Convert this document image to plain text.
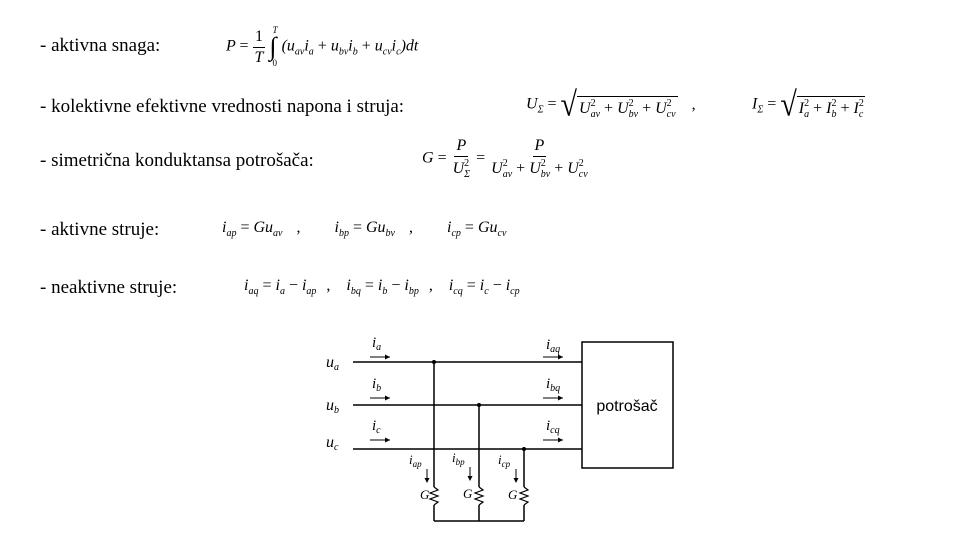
- aktivna snaga:
- kolektivne efektivne vrednosti napona i struja:
- simetrična konduktansa potrošača:
- aktivne struje:
- neaktivne struje:
$P = \frac{1}{T}$ ∫
T
0
$(u_{av}i_a + u_{bv}i_b + u_{cv}i_c)dt$
$U_\Sigma$ = √ $U^2_{av} + U^2_{bv} + U^2_{cv}$
,	$I_\Sigma$ = √ $I^2_a + I^2_b + I^2_c$
$G = \frac{P}{U^2_\Sigma} = \frac{P}{U^2_{av} + U^2_{bv} + U^2_{cv}}$
$i_{ap} = Gu_{av}$ , $i_{bp} = Gu_{bv}$ , $i_{cp} = Gu_{cv}$
$i_{aq} = i_a - i_{ap}$ , $i_{bq} = i_b - i_{bp}$ , $i_{cq} = i_c - i_{cp}$
potrošač
ua
ub
uc
$i_a$
$i_b$
$i_c$
$i_{aq}$
$i_{bq}$
$i_{cq}$
$i_{ap}$ $i_{bp}$	$i_{cp}$
G	G	G
